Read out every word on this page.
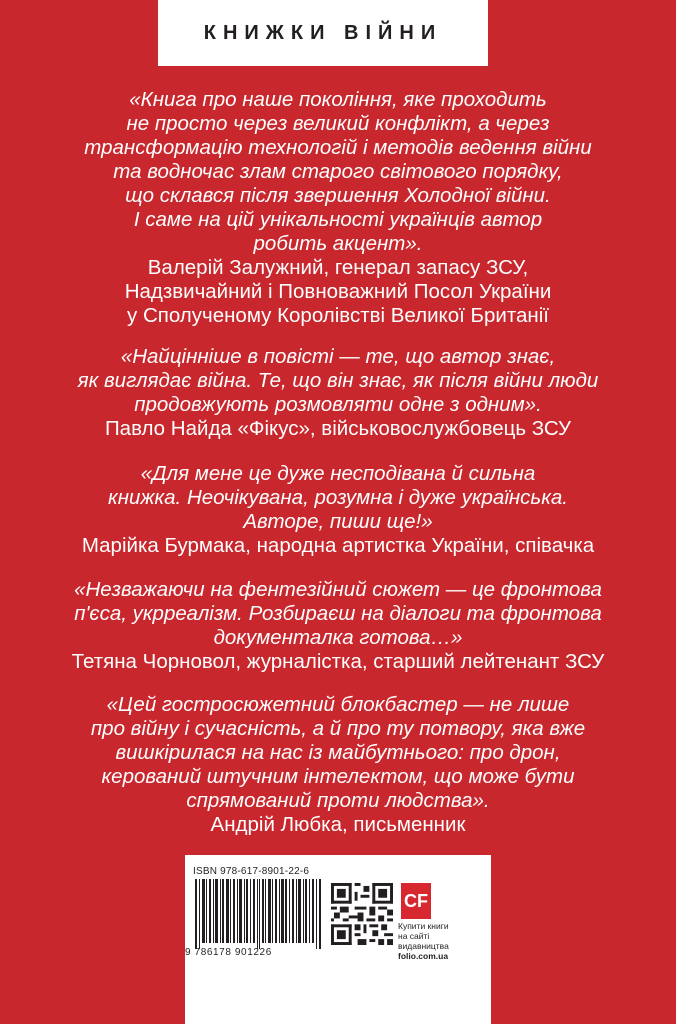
КНИЖКИ ВІЙНИ
«Книга про наше покоління, яке проходить
не просто через великий конфлікт, а через
трансформацію технологій і методів ведення війни
та водночас злам старого світового порядку,
що склався після звершення Холодної війни.
І саме на цій унікальності українців автор
робить акцент».
Валерій Залужний, генерал запасу ЗСУ,
Надзвичайний і Повноважний Посол України
у Сполученому Королівстві Великої Британії
«Найцінніше в повісті — те, що автор знає,
як виглядає війна. Те, що він знає, як після війни люди
продовжують розмовляти одне з одним».
Павло Найда «Фікус», військовослужбовець ЗСУ
«Для мене це дуже несподівана й сильна
книжка. Неочікувана, розумна і дуже українська.
Авторе, пиши ще!»
Марійка Бурмака, народна артистка України, співачка
«Незважаючи на фентезійний сюжет — це фронтова
п'єса, укрреалізм. Розбираєш на діалоги та фронтова
документалка готова…»
Тетяна Чорновол, журналістка, старший лейтенант ЗСУ
«Цей гостросюжетний блокбастер — не лише
про війну і сучасність, а й про ту потвору, яка вже
вишкірилася на нас із майбутнього: про дрон,
керований штучним інтелектом, що може бути
спрямований проти людства».
Андрій Любка, письменник
ISBN 978-617-8901-22-6
9 786178 901226
CF
Купити книги
на сайті
видавництва
folio.com.ua
